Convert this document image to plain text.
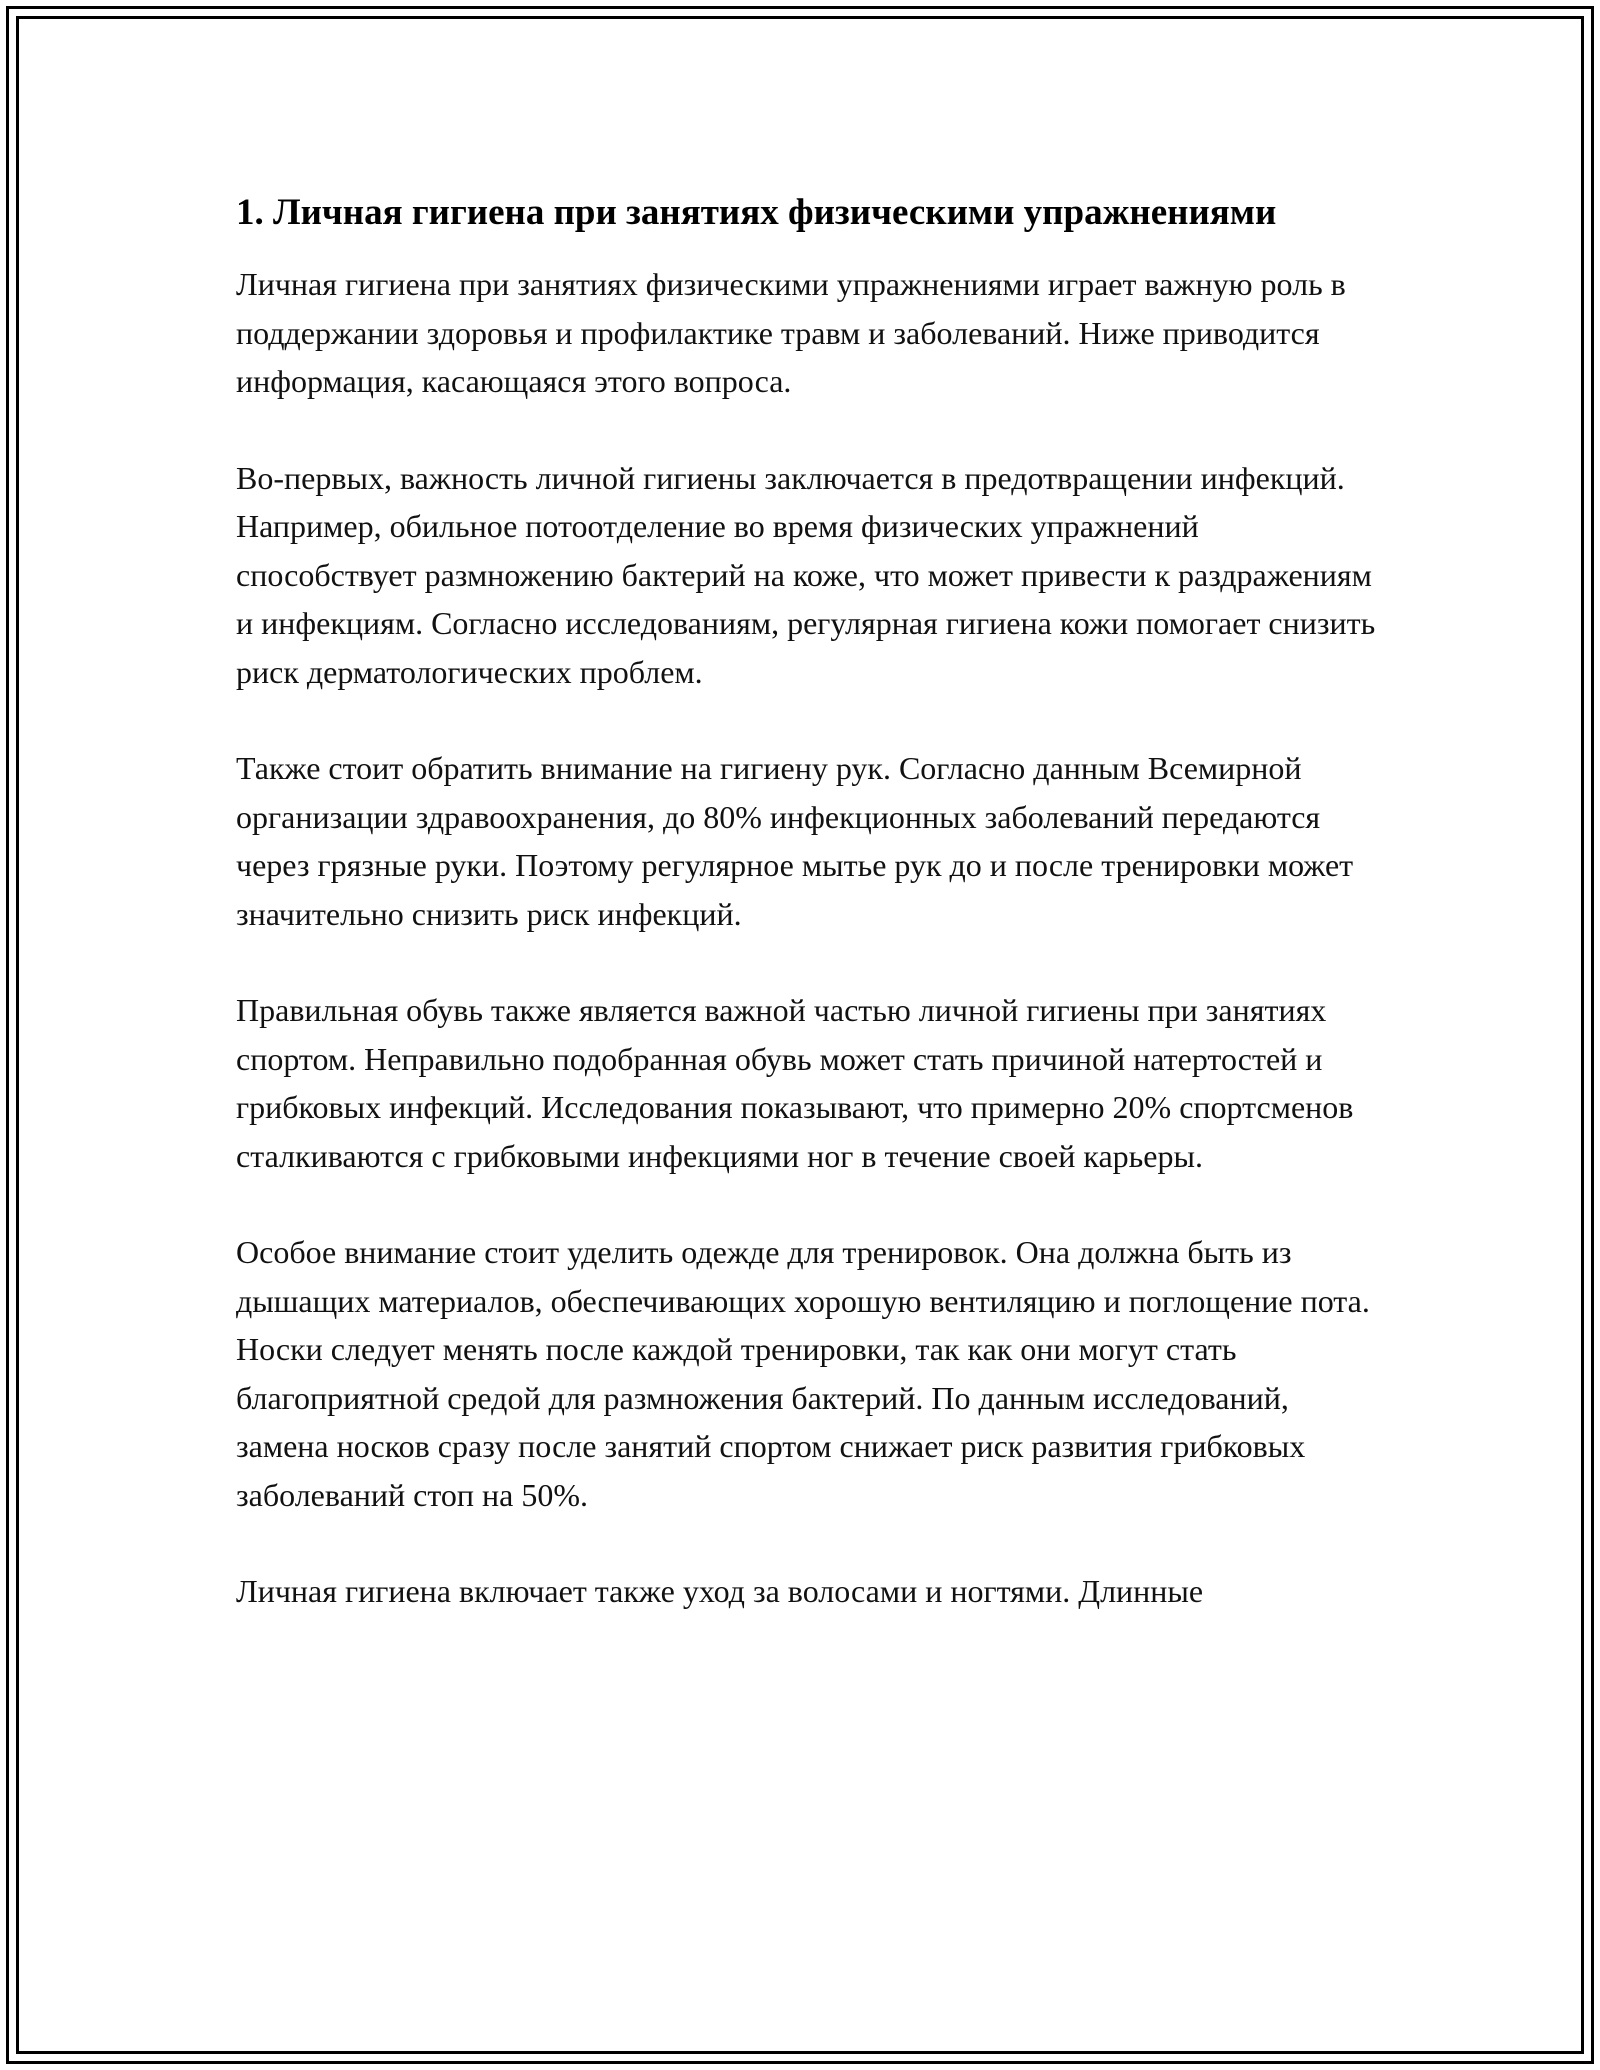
1. Личная гигиена при занятиях физическими упражнениями

Личная гигиена при занятиях физическими упражнениями играет важную роль в поддержании здоровья и профилактике травм и заболеваний. Ниже приводится информация, касающаяся этого вопроса.

Во-первых, важность личной гигиены заключается в предотвращении инфекций. Например, обильное потоотделение во время физических упражнений способствует размножению бактерий на коже, что может привести к раздражениям и инфекциям. Согласно исследованиям, регулярная гигиена кожи помогает снизить риск дерматологических проблем.

Также стоит обратить внимание на гигиену рук. Согласно данным Всемирной организации здравоохранения, до 80% инфекционных заболеваний передаются через грязные руки. Поэтому регулярное мытье рук до и после тренировки может значительно снизить риск инфекций.

Правильная обувь также является важной частью личной гигиены при занятиях спортом. Неправильно подобранная обувь может стать причиной натертостей и грибковых инфекций. Исследования показывают, что примерно 20% спортсменов сталкиваются с грибковыми инфекциями ног в течение своей карьеры.

Особое внимание стоит уделить одежде для тренировок. Она должна быть из дышащих материалов, обеспечивающих хорошую вентиляцию и поглощение пота. Носки следует менять после каждой тренировки, так как они могут стать благоприятной средой для размножения бактерий. По данным исследований, замена носков сразу после занятий спортом снижает риск развития грибковых заболеваний стоп на 50%.

Личная гигиена включает также уход за волосами и ногтями. Длинные
